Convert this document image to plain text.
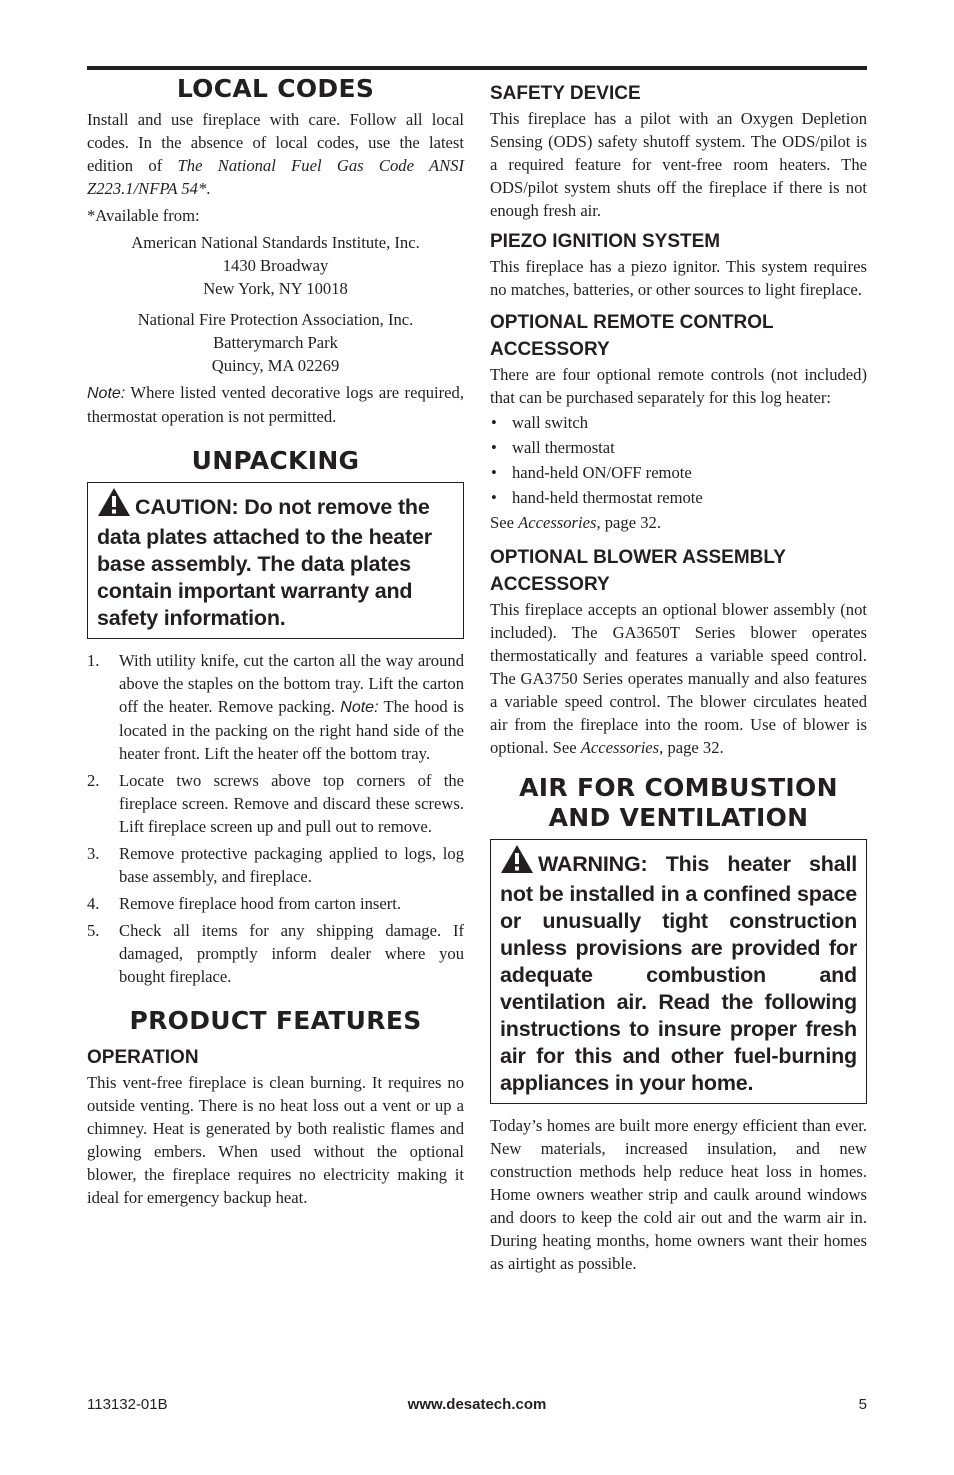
LOCAL CODES

Install and use fireplace with care. Follow all local codes. In the absence of local codes, use the latest edition of The National Fuel Gas Code ANSI Z223.1/NFPA 54*.

*Available from:

American National Standards Institute, Inc.
1430 Broadway
New York, NY 10018
National Fire Protection Association, Inc.
Batterymarch Park
Quincy, MA 02269

Note: Where listed vented decorative logs are required, thermostat operation is not permitted.

UNPACKING

CAUTION: Do not remove the data plates attached to the heater base assembly. The data plates contain important warranty and safety information.

1. With utility knife, cut the carton all the way around above the staples on the bottom tray. Lift the carton off the heater. Remove packing. Note: The hood is located in the packing on the right hand side of the heater front. Lift the heater off the bottom tray.
2. Locate two screws above top corners of the fireplace screen. Remove and discard these screws. Lift fireplace screen up and pull out to remove.
3. Remove protective packaging applied to logs, log base assembly, and fireplace.
4. Remove fireplace hood from carton insert.
5. Check all items for any shipping damage. If damaged, promptly inform dealer where you bought fireplace.
PRODUCT FEATURES
OPERATION

This vent-free fireplace is clean burning. It requires no outside venting. There is no heat loss out a vent or up a chimney. Heat is generated by both realistic flames and glowing embers. When used without the optional blower, the fireplace requires no electricity making it ideal for emergency backup heat.

SAFETY DEVICE

This fireplace has a pilot with an Oxygen Depletion Sensing (ODS) safety shutoff system. The ODS/pilot is a required feature for vent-free room heaters. The ODS/pilot system shuts off the fireplace if there is not enough fresh air.

PIEZO IGNITION SYSTEM

This fireplace has a piezo ignitor. This system requires no matches, batteries, or other sources to light fireplace.

OPTIONAL REMOTE CONTROL
ACCESSORY

There are four optional remote controls (not included) that can be purchased separately for this log heater:

• wall switch
• wall thermostat
• hand-held ON/OFF remote
• hand-held thermostat remote

See Accessories, page 32.

OPTIONAL BLOWER ASSEMBLY
ACCESSORY

This fireplace accepts an optional blower assembly (not included). The GA3650T Series blower operates thermostatically and features a variable speed control. The GA3750 Series operates manually and also features a variable speed control. The blower circulates heated air from the fireplace into the room. Use of blower is optional. See Accessories, page 32.

AIR FOR COMBUSTION
AND VENTILATION

WARNING: This heater shall not be installed in a confined space or unusually tight construction unless provisions are provided for adequate combustion and ventilation air. Read the following instructions to insure proper fresh air for this and other fuel-burning appliances in your home.

Today’s homes are built more energy efficient than ever. New materials, increased insulation, and new construction methods help reduce heat loss in homes. Home owners weather strip and caulk around windows and doors to keep the cold air out and the warm air in. During heating months, home owners want their homes as airtight as possible.

113132-01B	www.desatech.com	5
